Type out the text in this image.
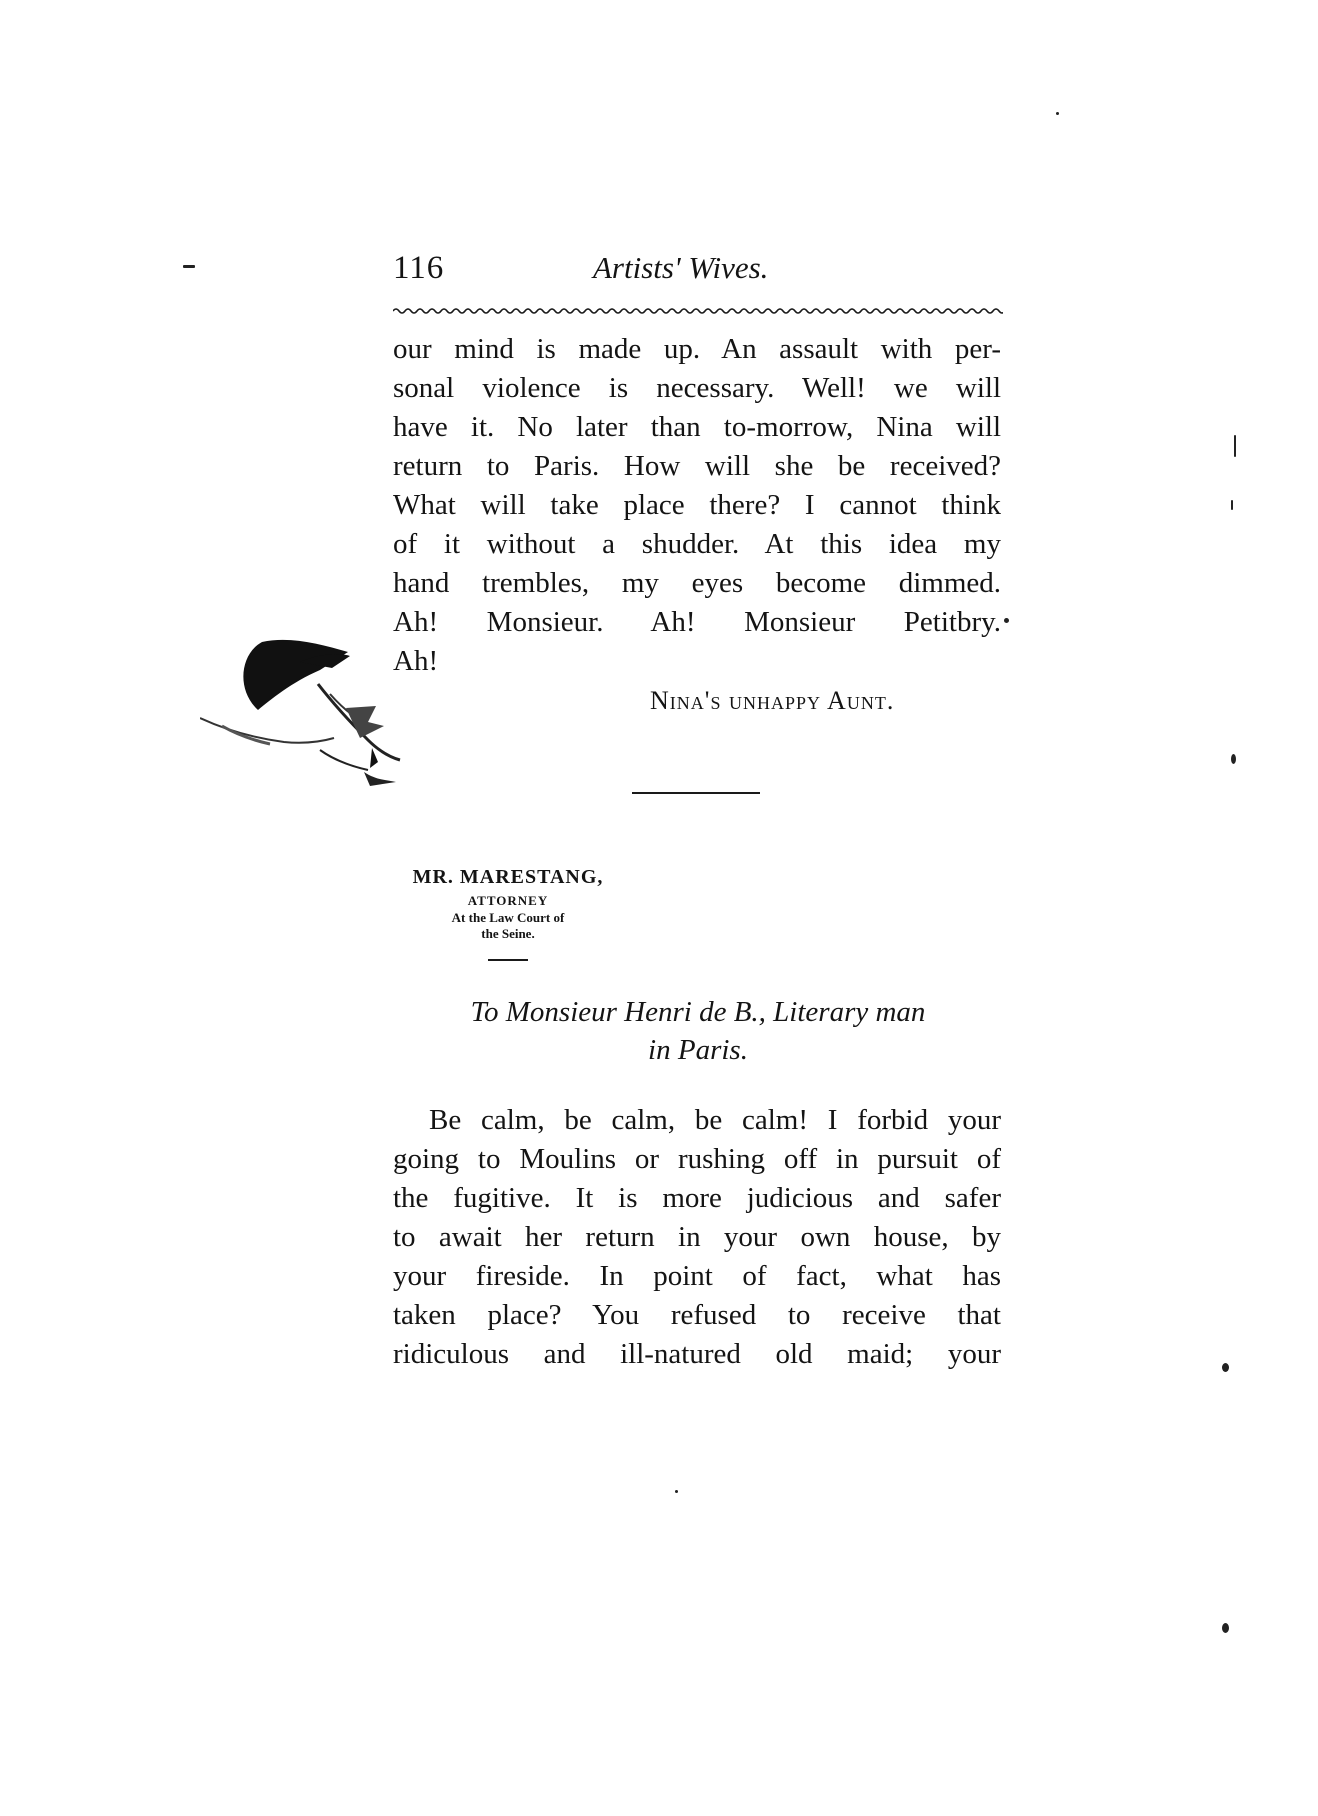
116	Artists' Wives.
our mind is made up. An assault with per-
sonal violence is necessary. Well! we will
have it. No later than to-morrow, Nina will
return to Paris. How will she be received?
What will take place there? I cannot think
of it without a shudder. At this idea my
hand trembles, my eyes become dimmed.
Ah! Monsieur. Ah! Monsieur Petitbry.
Ah!
Nina's unhappy Aunt.
MR. MARESTANG,
ATTORNEY
At the Law Court of
the Seine.
To Monsieur Henri de B., Literary man
in Paris.
Be calm, be calm, be calm! I forbid your
going to Moulins or rushing off in pursuit of
the fugitive. It is more judicious and safer
to await her return in your own house, by
your fireside. In point of fact, what has
taken place? You refused to receive that
ridiculous and ill-natured old maid; your
